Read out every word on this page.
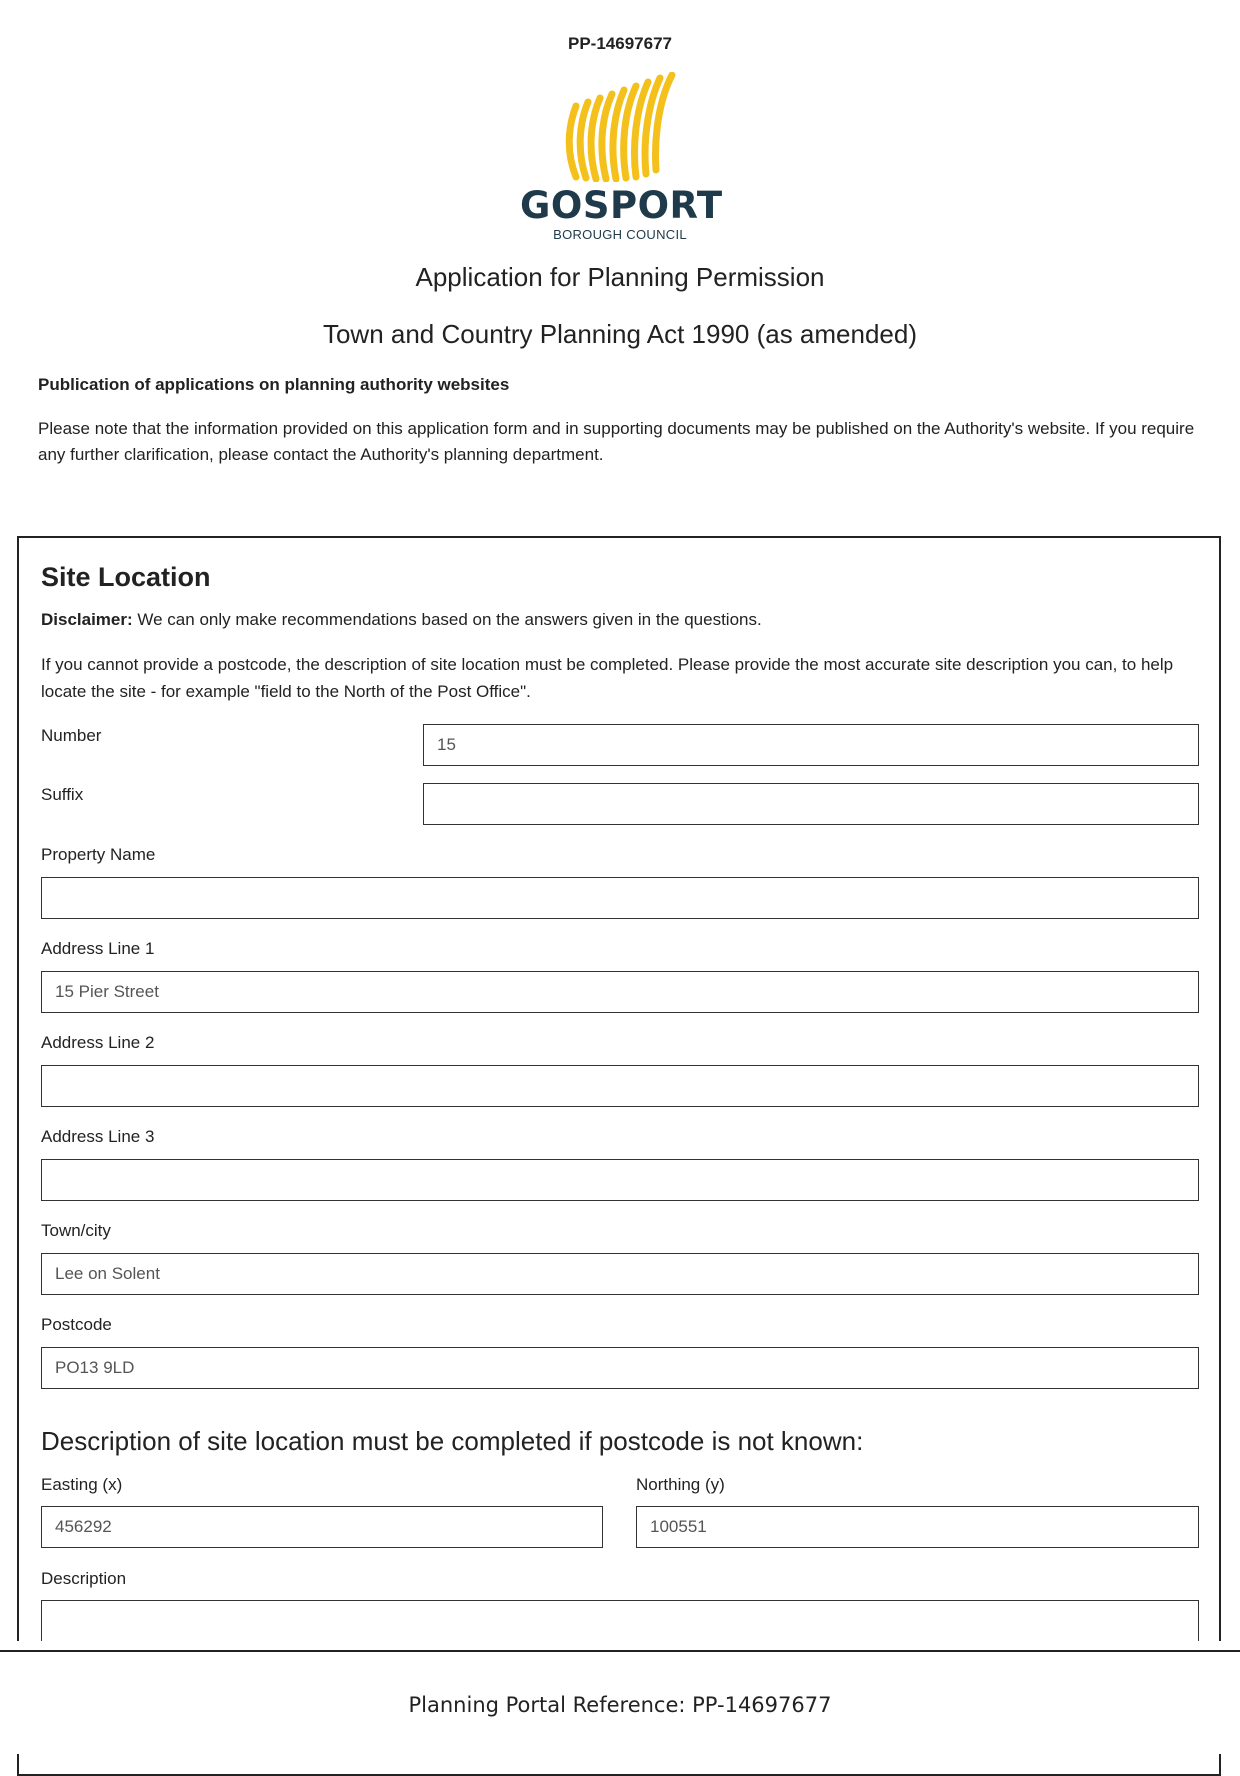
PP-14697677
GOSPORT
BOROUGH COUNCIL
Application for Planning Permission
Town and Country Planning Act 1990 (as amended)
Publication of applications on planning authority websites
Please note that the information provided on this application form and in supporting documents may be published on the Authority's website. If you require any further clarification, please contact the Authority's planning department.
Site Location
Disclaimer: We can only make recommendations based on the answers given in the questions.
If you cannot provide a postcode, the description of site location must be completed. Please provide the most accurate site description you can, to help locate the site - for example "field to the North of the Post Office".
Number	15
Suffix
Property Name
Address Line 1
15 Pier Street
Address Line 2
Address Line 3
Town/city
Lee on Solent
Postcode
PO13 9LD
Description of site location must be completed if postcode is not known:
Easting (x)
456292
Northing (y)
100551
Description
Planning Portal Reference: PP-14697677
